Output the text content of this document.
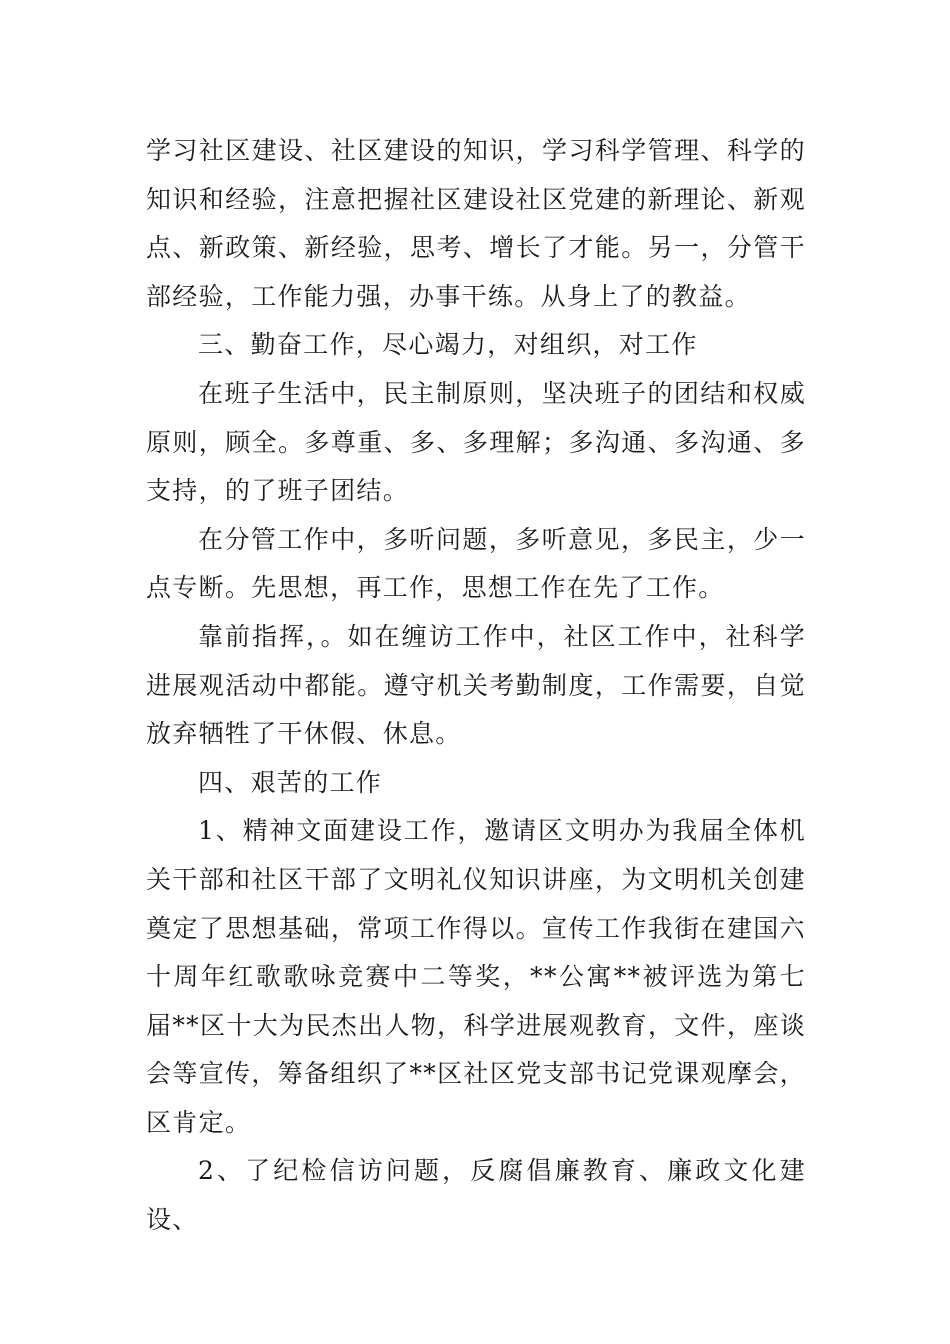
学习社区建设、社区建设的知识，学习科学管理、科学的知识和经验，注意把握社区建设社区党建的新理论、新观点、新政策、新经验，思考、增长了才能。另一，分管干部经验，工作能力强，办事干练。从身上了的教益。

三、勤奋工作，尽心竭力，对组织，对工作

在班子生活中，民主制原则，坚决班子的团结和权威原则，顾全。多尊重、多、多理解；多沟通、多沟通、多支持，的了班子团结。

在分管工作中，多听问题，多听意见，多民主，少一点专断。先思想，再工作，思想工作在先了工作。

靠前指挥，。如在缠访工作中，社区工作中，社科学进展观活动中都能。遵守机关考勤制度，工作需要，自觉放弃牺牲了干休假、休息。

四、艰苦的工作

1、精神文面建设工作，邀请区文明办为我届全体机关干部和社区干部了文明礼仪知识讲座，为文明机关创建奠定了思想基础，常项工作得以。宣传工作我街在建国六十周年红歌歌咏竞赛中二等奖，**公寓**被评选为第七届**区十大为民杰出人物，科学进展观教育，文件，座谈会等宣传，筹备组织了**区社区党支部书记党课观摩会，区肯定。

2、了纪检信访问题，反腐倡廉教育、廉政文化建设、
